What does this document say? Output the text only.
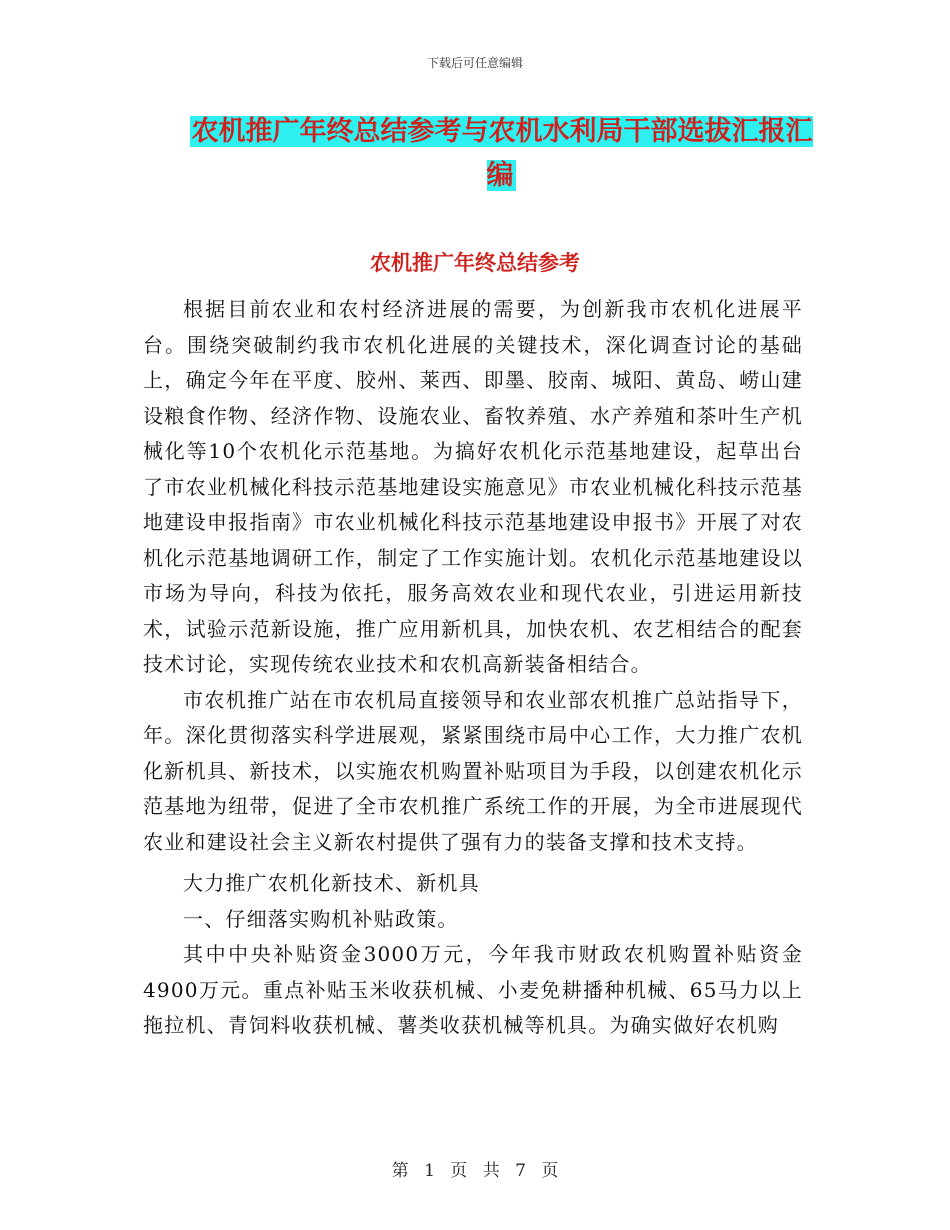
下载后可任意编辑
农机推广年终总结参考与农机水利局干部选拔汇报汇编
农机推广年终总结参考

根据目前农业和农村经济进展的需要，为创新我市农机化进展平台。围绕突破制约我市农机化进展的关键技术，深化调查讨论的基础上，确定今年在平度、胶州、莱西、即墨、胶南、城阳、黄岛、崂山建设粮食作物、经济作物、设施农业、畜牧养殖、水产养殖和茶叶生产机械化等10个农机化示范基地。为搞好农机化示范基地建设，起草出台了市农业机械化科技示范基地建设实施意见》市农业机械化科技示范基地建设申报指南》市农业机械化科技示范基地建设申报书》开展了对农机化示范基地调研工作，制定了工作实施计划。农机化示范基地建设以市场为导向，科技为依托，服务高效农业和现代农业，引进运用新技术，试验示范新设施，推广应用新机具，加快农机、农艺相结合的配套技术讨论，实现传统农业技术和农机高新装备相结合。

市农机推广站在市农机局直接领导和农业部农机推广总站指导下，年。深化贯彻落实科学进展观，紧紧围绕市局中心工作，大力推广农机化新机具、新技术，以实施农机购置补贴项目为手段，以创建农机化示范基地为纽带，促进了全市农机推广系统工作的开展，为全市进展现代农业和建设社会主义新农村提供了强有力的装备支撑和技术支持。

大力推广农机化新技术、新机具

一、仔细落实购机补贴政策。

其中中央补贴资金3000万元，今年我市财政农机购置补贴资金4900万元。重点补贴玉米收获机械、小麦免耕播种机械、65马力以上拖拉机、青饲料收获机械、薯类收获机械等机具。为确实做好农机购

第 1 页 共 7 页
